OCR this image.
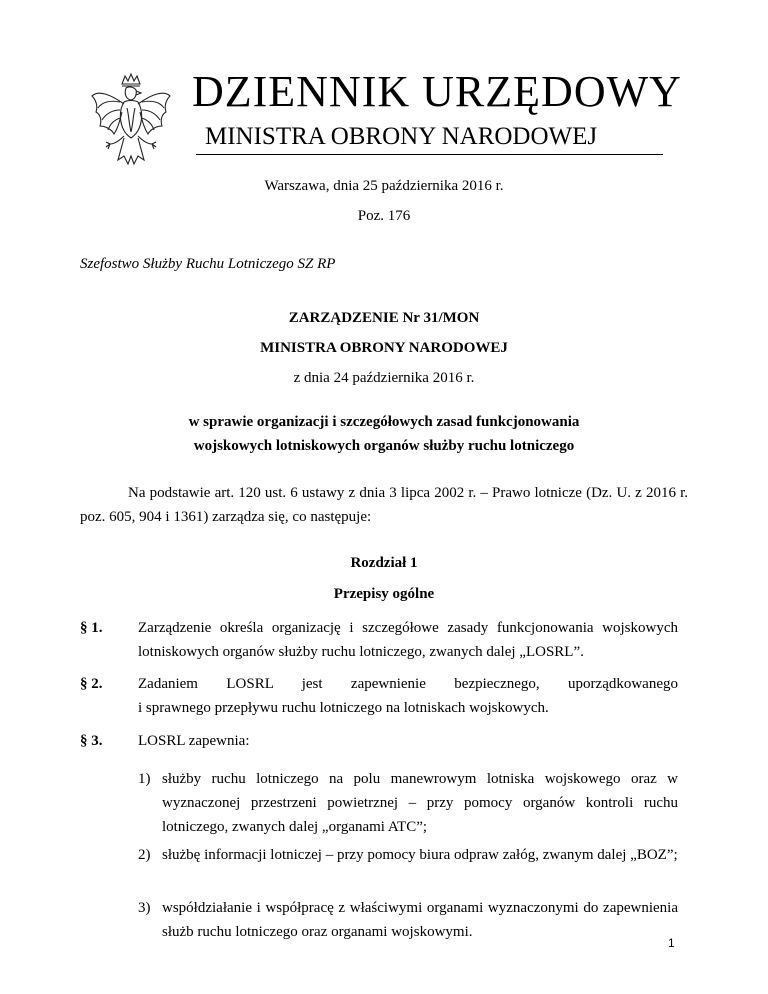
DZIENNIK URZĘDOWY
MINISTRA OBRONY NARODOWEJ
Warszawa, dnia 25 października 2016 r.
Poz. 176
Szefostwo Służby Ruchu Lotniczego SZ RP
ZARZĄDZENIE Nr 31/MON
MINISTRA OBRONY NARODOWEJ
z dnia 24 października 2016 r.
w sprawie organizacji i szczegółowych zasad funkcjonowania
wojskowych lotniskowych organów służby ruchu lotniczego
Na podstawie art. 120 ust. 6 ustawy z dnia 3 lipca 2002 r. – Prawo lotnicze (Dz. U. z 2016 r. poz. 605, 904 i 1361) zarządza się, co następuje:
Rozdział 1
Przepisy ogólne
§ 1. Zarządzenie określa organizację i szczegółowe zasady funkcjonowania wojskowych lotniskowych organów służby ruchu lotniczego, zwanych dalej „LOSRL”.
§ 2. Zadaniem LOSRL jest zapewnienie bezpiecznego, uporządkowanego
i sprawnego przepływu ruchu lotniczego na lotniskach wojskowych.
§ 3. LOSRL zapewnia:
1) służby ruchu lotniczego na polu manewrowym lotniska wojskowego oraz w wyznaczonej przestrzeni powietrznej – przy pomocy organów kontroli ruchu lotniczego, zwanych dalej „organami ATC”;
2) służbę informacji lotniczej – przy pomocy biura odpraw załóg, zwanym dalej „BOZ”;
3) współdziałanie i współpracę z właściwymi organami wyznaczonymi do zapewnienia służb ruchu lotniczego oraz organami wojskowymi.
1
